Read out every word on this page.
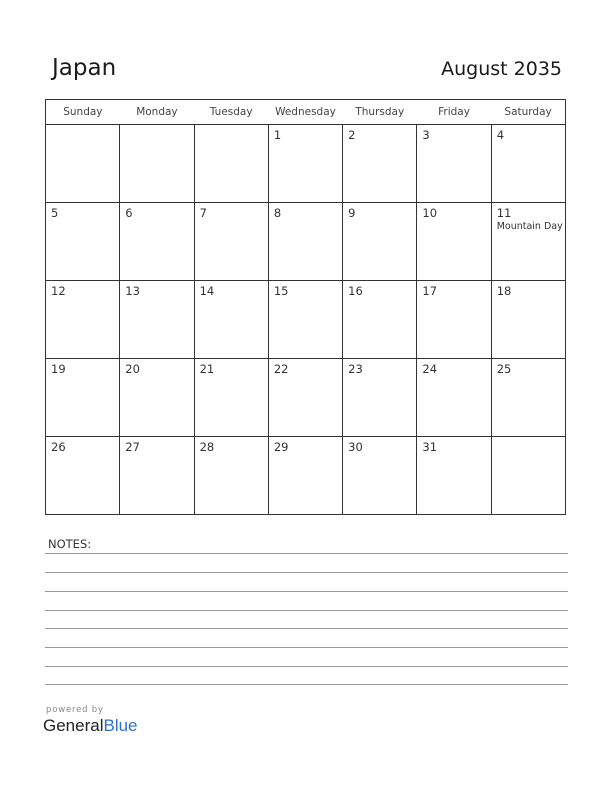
Japan	August 2035
Sunday	Monday	Tuesday	Wednesday	Thursday	Friday	Saturday

			1	2	3	4

5	6	7	8	9	10	11
Mountain Day

12	13	14	15	16	17	18

19	20	21	22	23	24	25

26	27	28	29	30	31	

NOTES:
powered by
GeneralBlue
